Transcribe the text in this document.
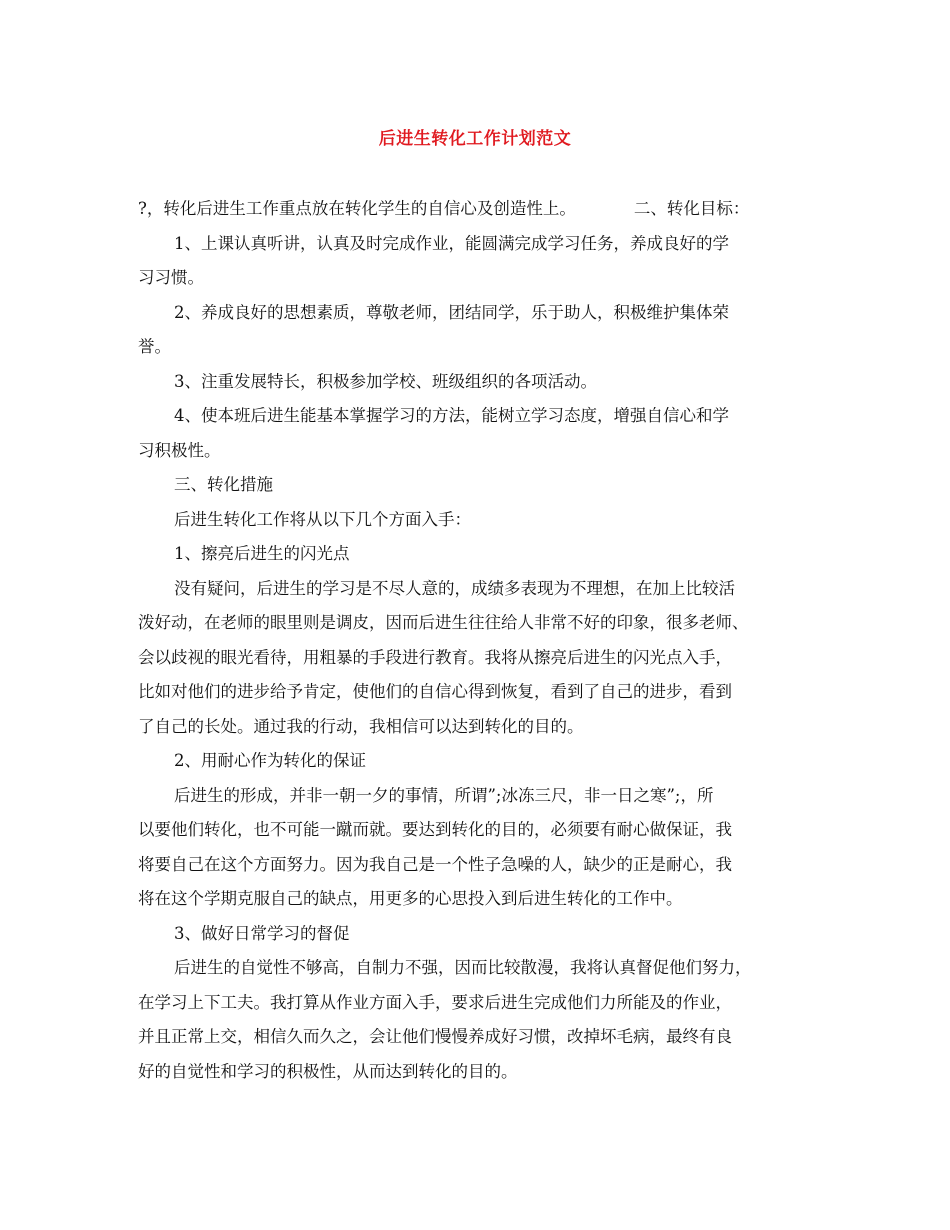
后进生转化工作计划范文
?，转化后进生工作重点放在转化学生的自信心及创造性上。	二、转化目标：
1、上课认真听讲，认真及时完成作业，能圆满完成学习任务，养成良好的学
习习惯。
2、养成良好的思想素质，尊敬老师，团结同学，乐于助人，积极维护集体荣
誉。
3、注重发展特长，积极参加学校、班级组织的各项活动。
4、使本班后进生能基本掌握学习的方法，能树立学习态度，增强自信心和学
习积极性。
三、转化措施
后进生转化工作将从以下几个方面入手：
1、擦亮后进生的闪光点
没有疑问，后进生的学习是不尽人意的，成绩多表现为不理想，在加上比较活
泼好动，在老师的眼里则是调皮，因而后进生往往给人非常不好的印象，很多老师、
会以歧视的眼光看待，用粗暴的手段进行教育。我将从擦亮后进生的闪光点入手，
比如对他们的进步给予肯定，使他们的自信心得到恢复，看到了自己的进步，看到
了自己的长处。通过我的行动，我相信可以达到转化的目的。
2、用耐心作为转化的保证
后进生的形成，并非一朝一夕的事情，所谓”;冰冻三尺，非一日之寒”;，所
以要他们转化，也不可能一蹴而就。要达到转化的目的，必须要有耐心做保证，我
将要自己在这个方面努力。因为我自己是一个性子急噪的人，缺少的正是耐心，我
将在这个学期克服自己的缺点，用更多的心思投入到后进生转化的工作中。
3、做好日常学习的督促
后进生的自觉性不够高，自制力不强，因而比较散漫，我将认真督促他们努力，
在学习上下工夫。我打算从作业方面入手，要求后进生完成他们力所能及的作业，
并且正常上交，相信久而久之，会让他们慢慢养成好习惯，改掉坏毛病，最终有良
好的自觉性和学习的积极性，从而达到转化的目的。
